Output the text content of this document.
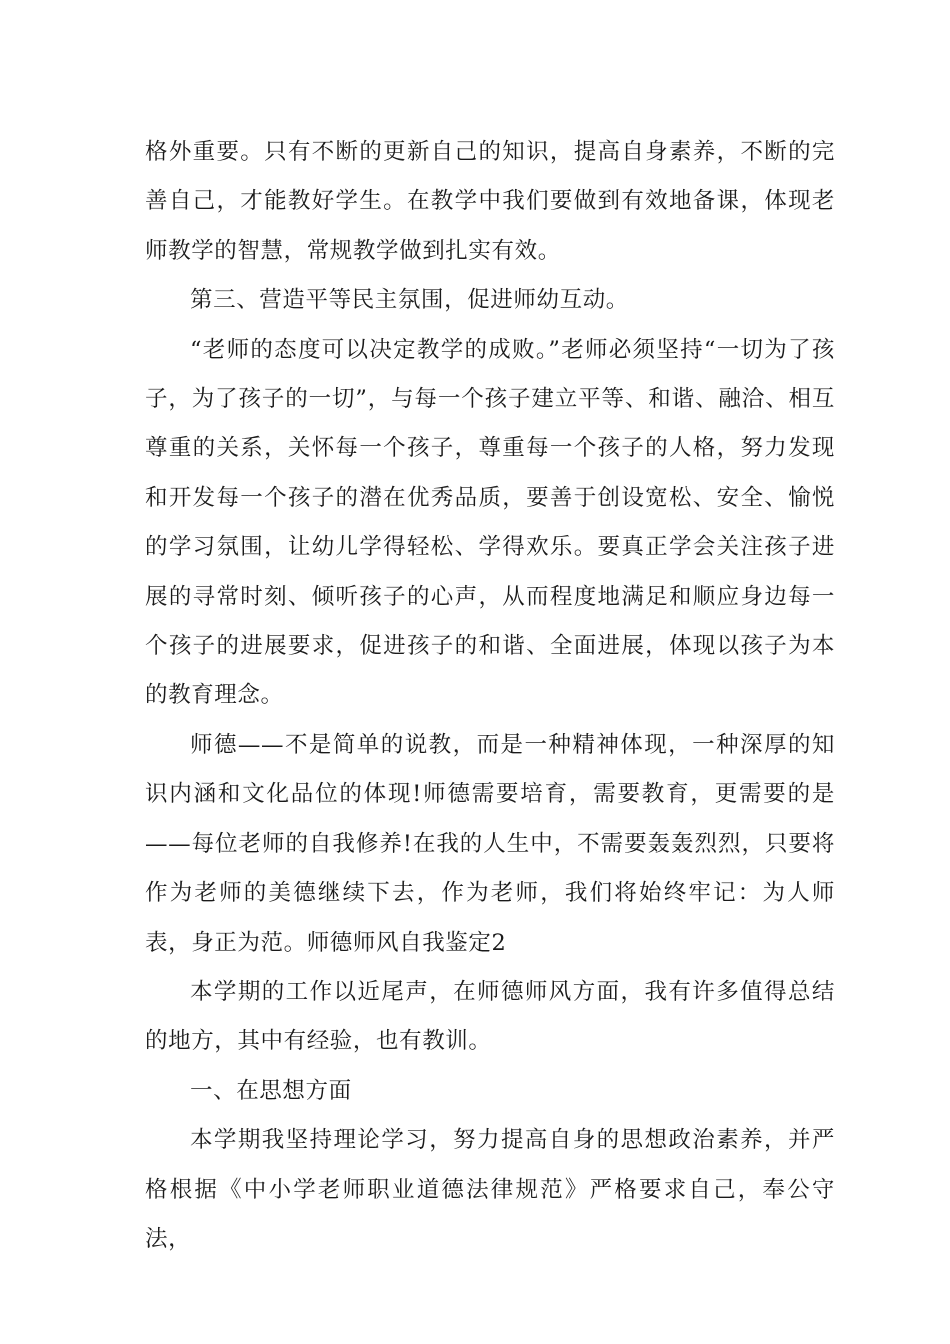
格外重要。只有不断的更新自己的知识，提高自身素养，不断的完善自己，才能教好学生。在教学中我们要做到有效地备课，体现老师教学的智慧，常规教学做到扎实有效。

第三、营造平等民主氛围，促进师幼互动。

“老师的态度可以决定教学的成败。”老师必须坚持“一切为了孩子，为了孩子的一切”，与每一个孩子建立平等、和谐、融洽、相互尊重的关系，关怀每一个孩子，尊重每一个孩子的人格，努力发现和开发每一个孩子的潜在优秀品质，要善于创设宽松、安全、愉悦的学习氛围，让幼儿学得轻松、学得欢乐。要真正学会关注孩子进展的寻常时刻、倾听孩子的心声，从而程度地满足和顺应身边每一个孩子的进展要求，促进孩子的和谐、全面进展，体现以孩子为本的教育理念。

师德——不是简单的说教，而是一种精神体现，一种深厚的知识内涵和文化品位的体现!师德需要培育，需要教育，更需要的是——每位老师的自我修养!在我的人生中，不需要轰轰烈烈，只要将作为老师的美德继续下去，作为老师，我们将始终牢记：为人师表，身正为范。师德师风自我鉴定2

本学期的工作以近尾声，在师德师风方面，我有许多值得总结的地方，其中有经验，也有教训。

一、在思想方面

本学期我坚持理论学习，努力提高自身的思想政治素养，并严格根据《中小学老师职业道德法律规范》严格要求自己，奉公守法，
